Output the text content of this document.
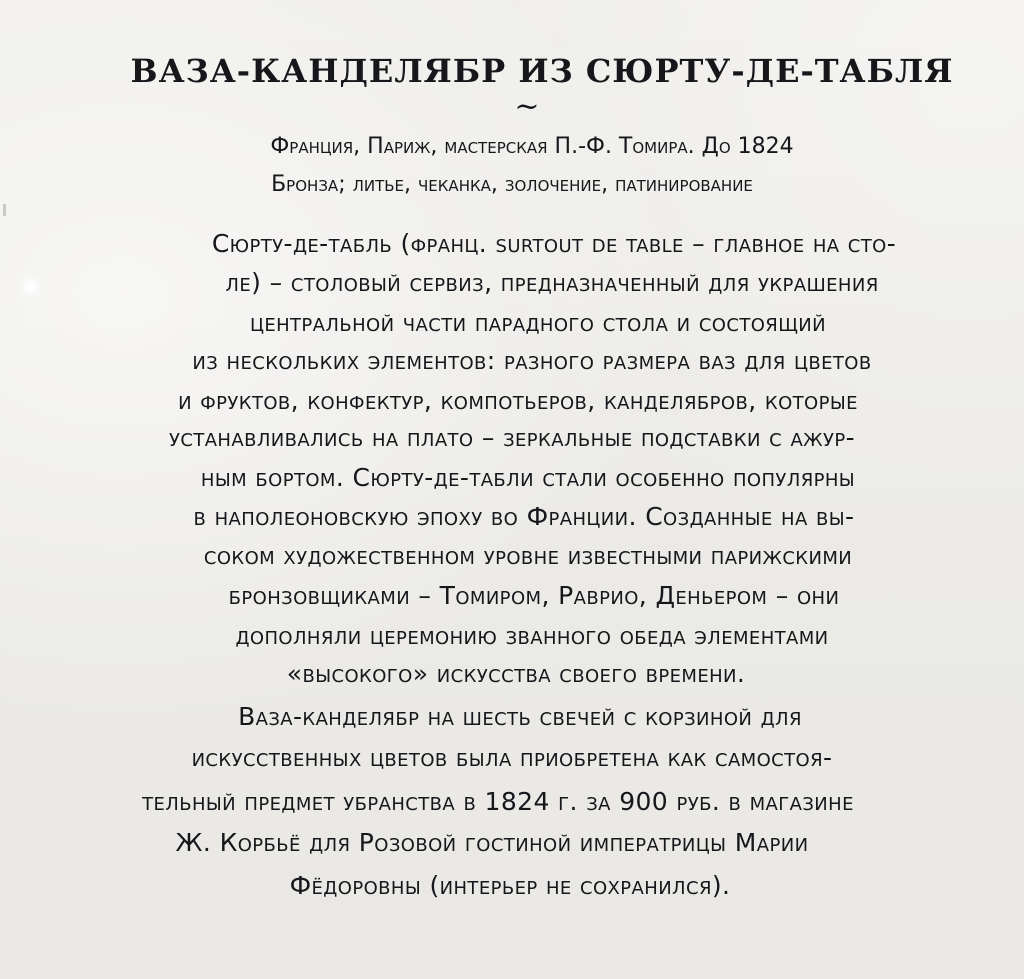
ВАЗА-КАНДЕЛЯБР ИЗ СЮРТУ-ДЕ-ТАБЛЯ
~

Франция, Париж, мастерская П.-Ф. Томира. До 1824

Бронза; литье, чеканка, золочение, патинирование

Сюрту-де-табль (франц. surtout de table – главное на сто-

ле) – столовый сервиз, предназначенный для украшения

центральной части парадного стола и состоящий

из нескольких элементов: разного размера ваз для цветов

и фруктов, конфектур, компотьеров, канделябров, которые

устанавливались на плато – зеркальные подставки с ажур-

ным бортом. Сюрту-де-табли стали особенно популярны

в наполеоновскую эпоху во Франции. Созданные на вы-

соком художественном уровне известными парижскими

бронзовщиками – Томиром, Раврио, Деньером – они

дополняли церемонию званного обеда элементами

«высокого» искусства своего времени.

Ваза-канделябр на шесть свечей с корзиной для

искусственных цветов была приобретена как самостоя-

тельный предмет убранства в 1824 г. за 900 руб. в магазине

Ж. Корбьё для Розовой гостиной императрицы Марии

Фёдоровны (интерьер не сохранился).
